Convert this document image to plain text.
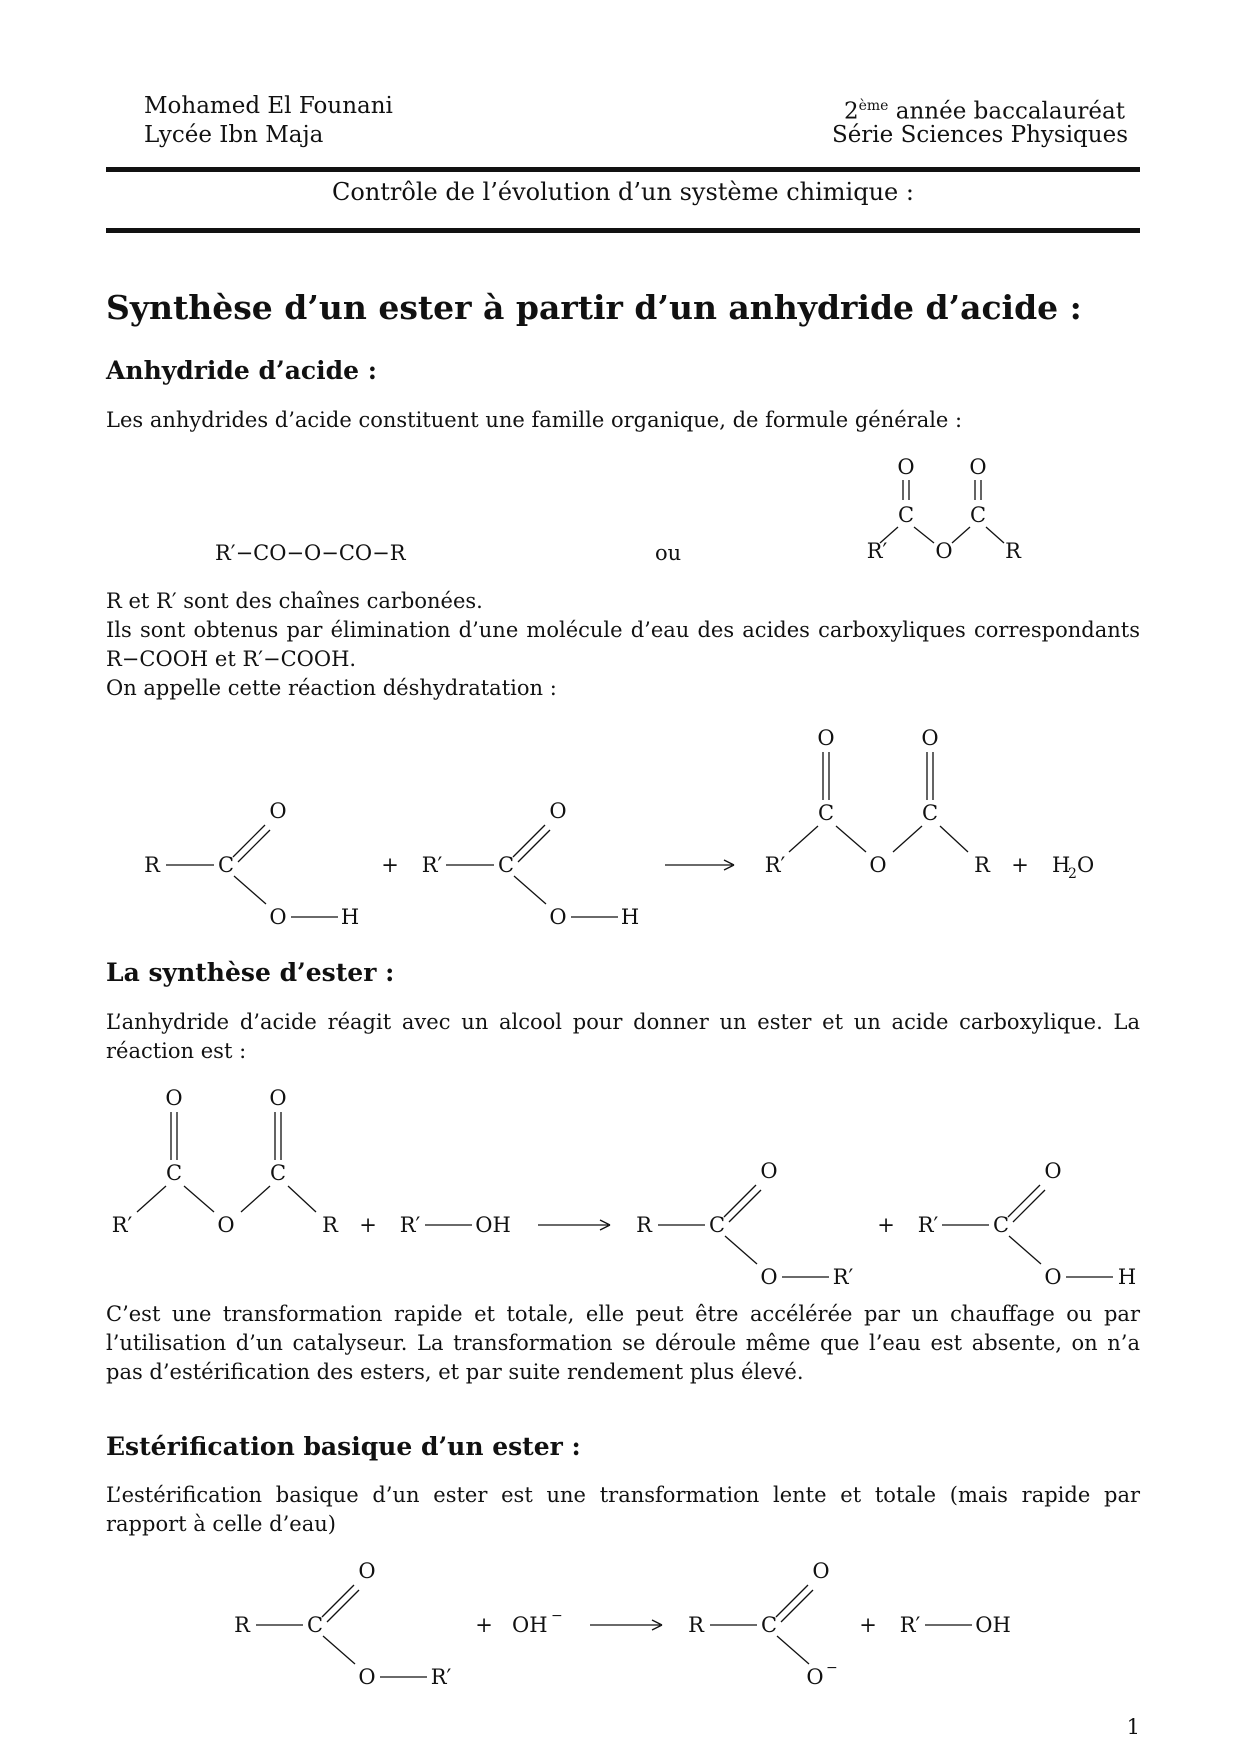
Mohamed El Founani
Lycée Ibn Maja
2ème année baccalauréat
Série Sciences Physiques
Contrôle de l’évolution d’un système chimique :
Synthèse d’un ester à partir d’un anhydride d’acide :
Anhydride d’acide :
Les anhydrides d’acide constituent une famille organique, de formule générale :
R′−CO−O−CO−R	ou
O	O
C	C
R′ O R
R et R′ sont des chaînes carbonées.
Ils sont obtenus par élimination d’une molécule d’eau des acides carboxyliques correspondants R−COOH et R′−COOH.
On appelle cette réaction déshydratation :
R	C
O
O	H
+ R′	C
O
O	H
O	O
C	C
R′	O	R + H
2 O
La synthèse d’ester :
L’anhydride d’acide réagit avec un alcool pour donner un ester et un acide carboxylique. La réaction est :
O	O
C	C
R′	O	R + R′	OH	R	C
O
O	R′
+ R′	C
O
O	H
C’est une transformation rapide et totale, elle peut être accélérée par un chauffage ou par l’utilisation d’un catalyseur. La transformation se déroule même que l’eau est absente, on n’a pas d’estérification des esters, et par suite rendement plus élevé.
Estérification basique d’un ester :
L’estérification basique d’un ester est une transformation lente et totale (mais rapide par rapport à celle d’eau)
R	C
O
O	R′
+ OH −	R	C
O
O −
+ R′	OH
1
